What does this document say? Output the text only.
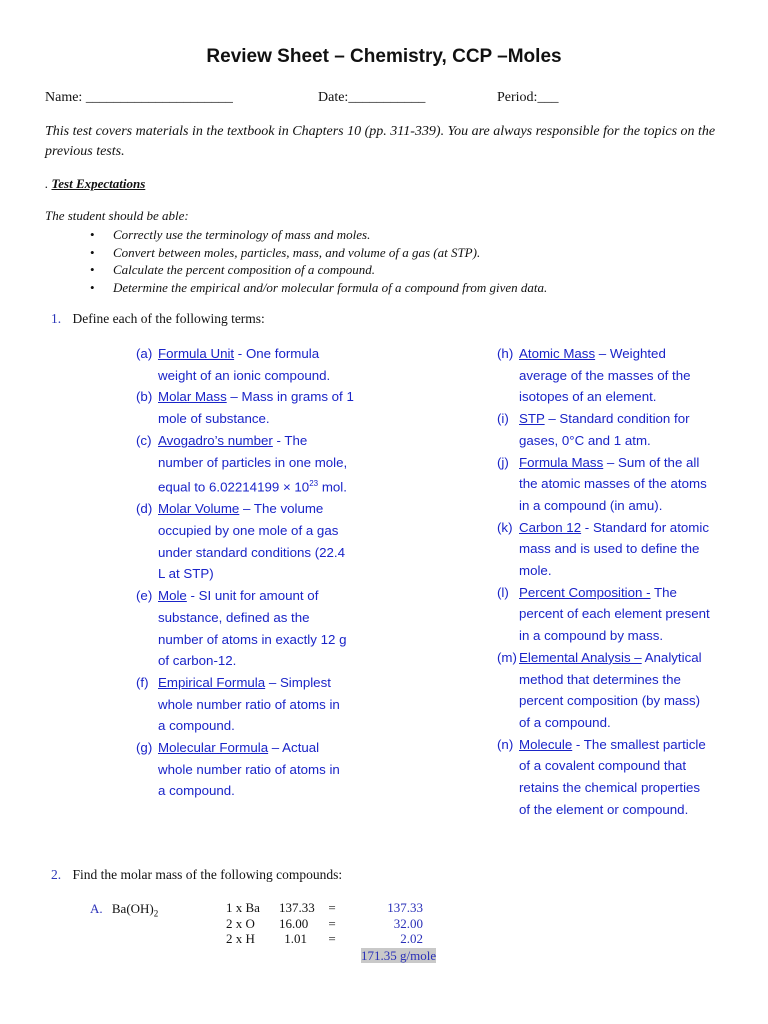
Review Sheet – Chemistry, CCP –Moles
Name: _____________________	Date:___________	Period:___
This test covers materials in the textbook in Chapters 10 (pp. 311-339). You are always responsible for the topics on the previous tests.
. Test Expectations
The student should be able:
•	Correctly use the terminology of mass and moles.
•	Convert between moles, particles, mass, and volume of a gas (at STP).
•	Calculate the percent composition of a compound.
•	Determine the empirical and/or molecular formula of a compound from given data.
1. Define each of the following terms:
(a) Formula Unit - One formula
weight of an ionic compound.
(b) Molar Mass – Mass in grams of 1
mole of substance.
(c) Avogadro’s number - The
number of particles in one mole,
equal to $6.02214199 \times 10^{23}$ mol.
(d) Molar Volume – The volume
occupied by one mole of a gas
under standard conditions (22.4
L at STP)
(e) Mole - SI unit for amount of
substance, defined as the
number of atoms in exactly 12 g
of carbon-12.
(f) Empirical Formula – Simplest
whole number ratio of atoms in
a compound.
(g) Molecular Formula – Actual
whole number ratio of atoms in
a compound.
(h) Atomic Mass – Weighted
average of the masses of the
isotopes of an element.
(i) STP – Standard condition for
gases, 0°C and 1 atm.
(j) Formula Mass – Sum of the all
the atomic masses of the atoms
in a compound (in amu).
(k) Carbon 12 - Standard for atomic
mass and is used to define the
mole.
(l) Percent Composition - The
percent of each element present
in a compound by mass.
(m) Elemental Analysis – Analytical
method that determines the
percent composition (by mass)
of a compound.
(n) Molecule - The smallest particle
of a covalent compound that
retains the chemical properties
of the element or compound.
2. Find the molar mass of the following compounds:
A. $Ba(OH)_2$	1 x Ba	137.33	=	137.33
2 x O	16.00	=	32.00
2 x H	1.01	=	2.02
171.35 g/mole
